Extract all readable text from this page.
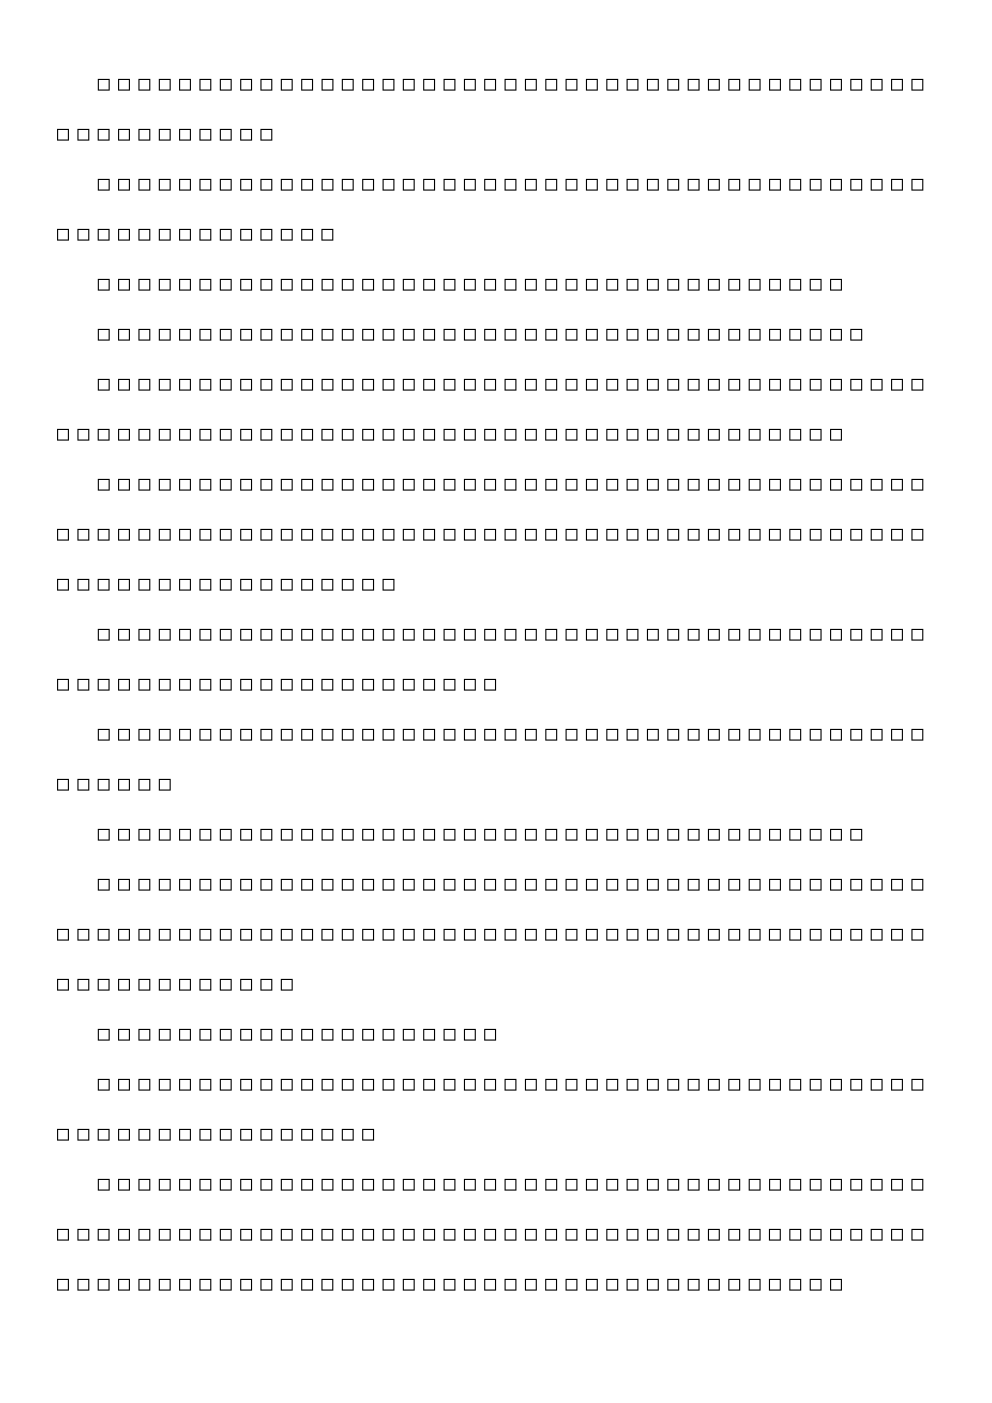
□□□□□□□□□□□□□□□□□□□□□□□□□□□□□□□□□□□□□□□□□□□□□□□□□□□□

□□□□□□□□□□□□□□□□□□□□□□□□□□□□□□□□□□□□□□□□□□□□□□□□□□□□□□□

□□□□□□□□□□□□□□□□□□□□□□□□□□□□□□□□□□□□□

□□□□□□□□□□□□□□□□□□□□□□□□□□□□□□□□□□□□□□

□□□□□□□□□□□□□□□□□□□□□□□□□□□□□□□□□□□□□□□□□□□□□□□□□□□□□□□□□□□□□□□□□□□□□□□□□□□□□□□□

□□□□□□□□□□□□□□□□□□□□□□□□□□□□□□□□□□□□□□□□□□□□□□□□□□□□□□□□□□□□□□□□□□□□□□□□□□□□□□□□□□□□□□□□□□□□□□□□□□□□□

□□□□□□□□□□□□□□□□□□□□□□□□□□□□□□□□□□□□□□□□□□□□□□□□□□□□□□□□□□□□□□□

□□□□□□□□□□□□□□□□□□□□□□□□□□□□□□□□□□□□□□□□□□□□□□□

□□□□□□□□□□□□□□□□□□□□□□□□□□□□□□□□□□□□□□

□□□□□□□□□□□□□□□□□□□□□□□□□□□□□□□□□□□□□□□□□□□□□□□□□□□□□□□□□□□□□□□□□□□□□□□□□□□□□□□□□□□□□□□□□□□□□□□□

□□□□□□□□□□□□□□□□□□□□

□□□□□□□□□□□□□□□□□□□□□□□□□□□□□□□□□□□□□□□□□□□□□□□□□□□□□□□□□

□□□□□□□□□□□□□□□□□□□□□□□□□□□□□□□□□□□□□□□□□□□□□□□□□□□□□□□□□□□□□□□□□□□□□□□□□□□□□□□□□□□□□□□□□□□□□□□□□□□□□□□□□□□□□□□□□□□□□□□□□□□
